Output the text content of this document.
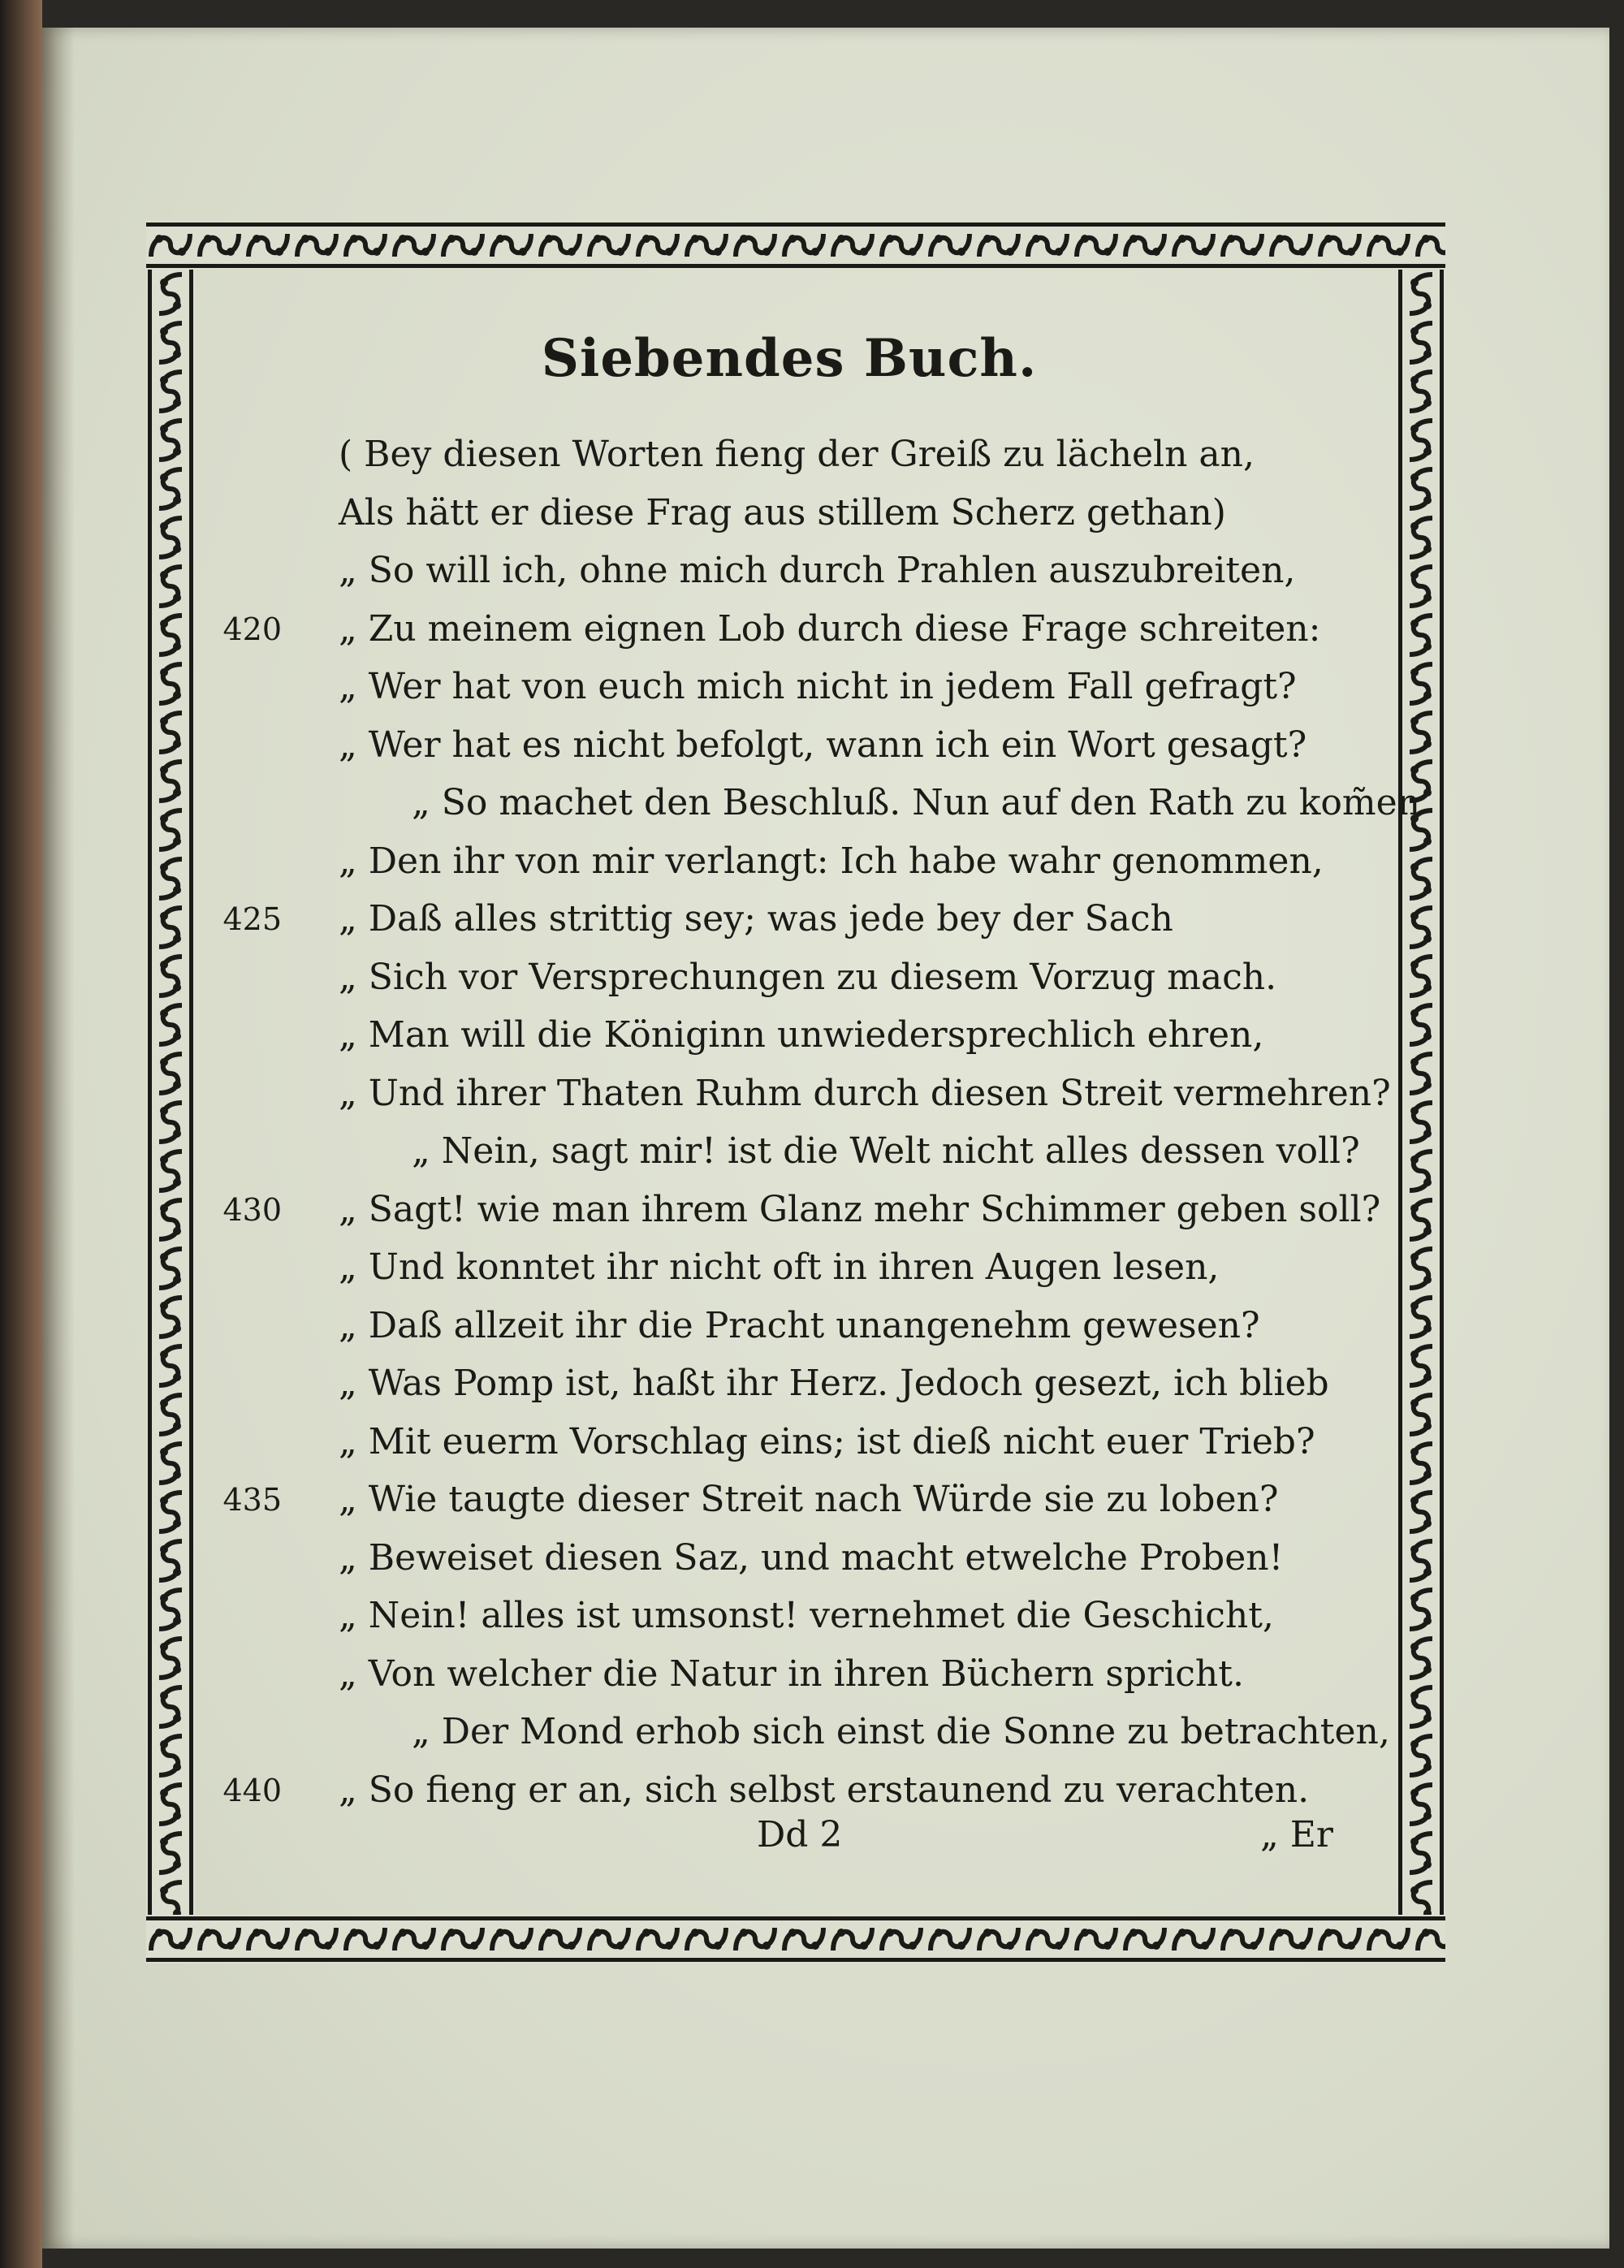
Siebendes Buch.
( Bey diesen Worten fieng der Greiß zu lächeln an,
Als hätt er diese Frag aus stillem Scherz gethan)
„ So will ich, ohne mich durch Prahlen auszubreiten,
420 „ Zu meinem eignen Lob durch diese Frage schreiten:
„ Wer hat von euch mich nicht in jedem Fall gefragt?
„ Wer hat es nicht befolgt, wann ich ein Wort gesagt?
„ So machet den Beschluß. Nun auf den Rath zu kom̃en
„ Den ihr von mir verlangt: Ich habe wahr genommen,
425 „ Daß alles strittig sey; was jede bey der Sach
„ Sich vor Versprechungen zu diesem Vorzug mach.
„ Man will die Königinn unwiedersprechlich ehren,
„ Und ihrer Thaten Ruhm durch diesen Streit vermehren?
„ Nein, sagt mir! ist die Welt nicht alles dessen voll?
430 „ Sagt! wie man ihrem Glanz mehr Schimmer geben soll?
„ Und konntet ihr nicht oft in ihren Augen lesen,
„ Daß allzeit ihr die Pracht unangenehm gewesen?
„ Was Pomp ist, haßt ihr Herz. Jedoch gesezt, ich blieb
„ Mit euerm Vorschlag eins; ist dieß nicht euer Trieb?
435 „ Wie taugte dieser Streit nach Würde sie zu loben?
„ Beweiset diesen Saz, und macht etwelche Proben!
„ Nein! alles ist umsonst! vernehmet die Geschicht,
„ Von welcher die Natur in ihren Büchern spricht.
„ Der Mond erhob sich einst die Sonne zu betrachten,
440 „ So fieng er an, sich selbst erstaunend zu verachten.
Dd 2	„ Er
